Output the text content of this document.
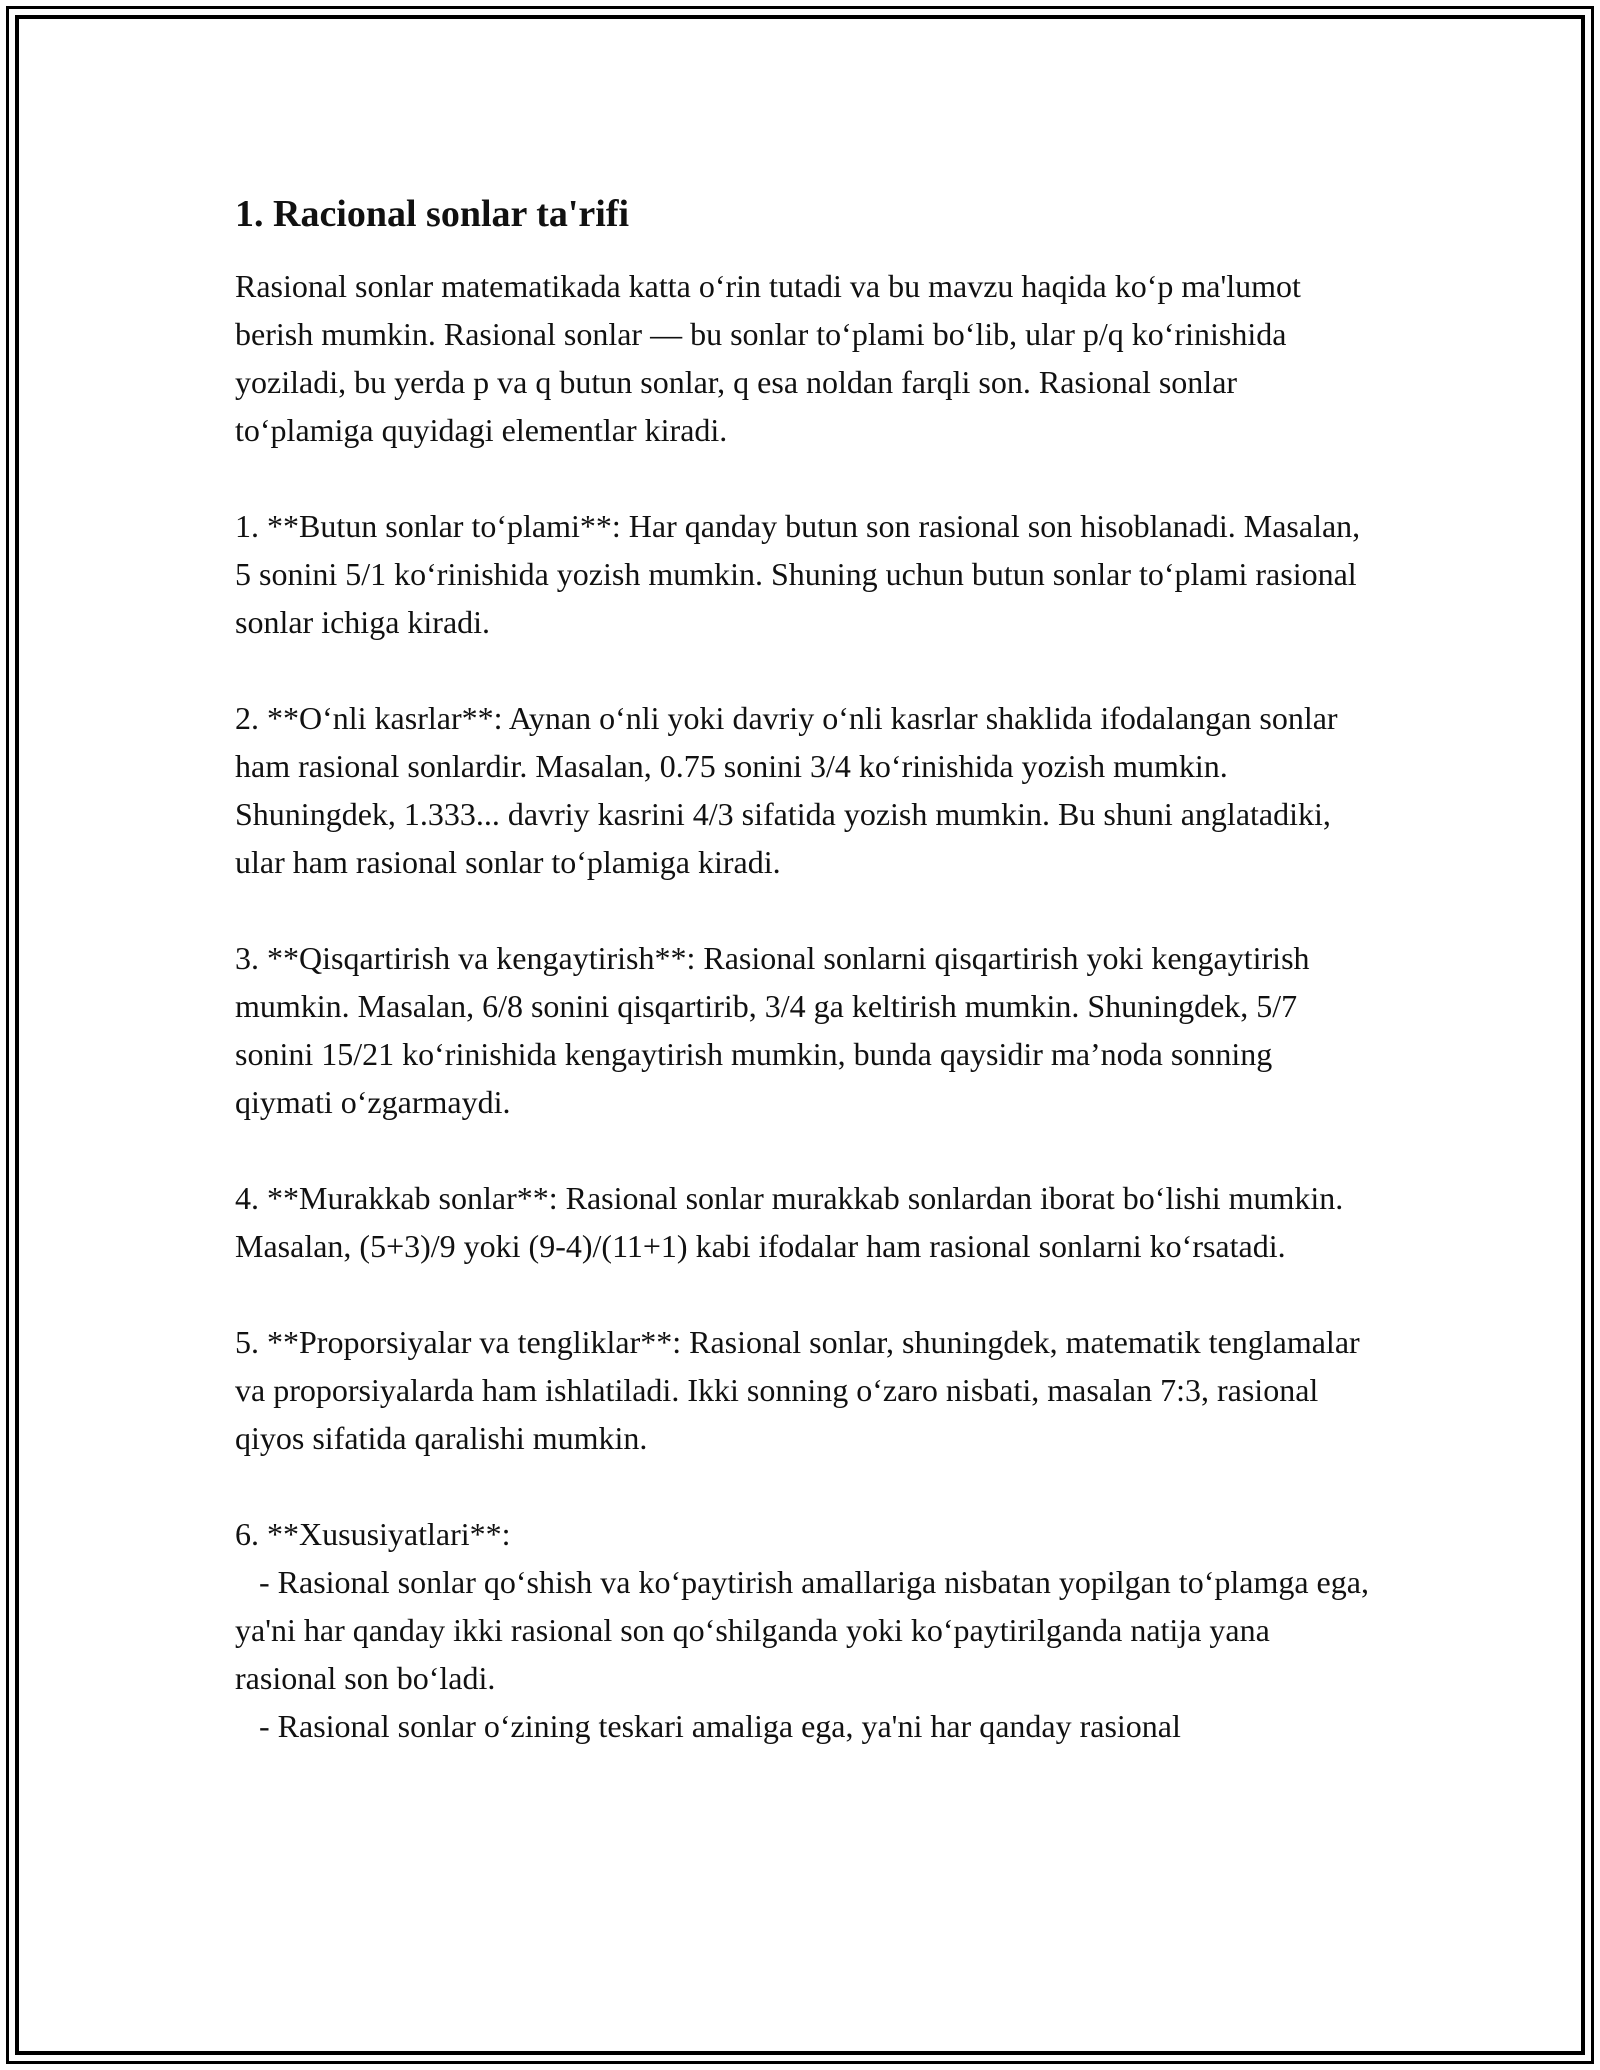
1. Racional sonlar ta'rifi

Rasional sonlar matematikada katta o‘rin tutadi va bu mavzu haqida ko‘p ma'lumot berish mumkin. Rasional sonlar — bu sonlar to‘plami bo‘lib, ular p/q ko‘rinishida yoziladi, bu yerda p va q butun sonlar, q esa noldan farqli son. Rasional sonlar to‘plamiga quyidagi elementlar kiradi.

1. **Butun sonlar to‘plami**: Har qanday butun son rasional son hisoblanadi. Masalan, 5 sonini 5/1 ko‘rinishida yozish mumkin. Shuning uchun butun sonlar to‘plami rasional sonlar ichiga kiradi.

2. **O‘nli kasrlar**: Aynan o‘nli yoki davriy o‘nli kasrlar shaklida ifodalangan sonlar ham rasional sonlardir. Masalan, 0.75 sonini 3/4 ko‘rinishida yozish mumkin. Shuningdek, 1.333... davriy kasrini 4/3 sifatida yozish mumkin. Bu shuni anglatadiki, ular ham rasional sonlar to‘plamiga kiradi.

3. **Qisqartirish va kengaytirish**: Rasional sonlarni qisqartirish yoki kengaytirish mumkin. Masalan, 6/8 sonini qisqartirib, 3/4 ga keltirish mumkin. Shuningdek, 5/7 sonini 15/21 ko‘rinishida kengaytirish mumkin, bunda qaysidir ma’noda sonning qiymati o‘zgarmaydi.

4. **Murakkab sonlar**: Rasional sonlar murakkab sonlardan iborat bo‘lishi mumkin. Masalan, (5+3)/9 yoki (9-4)/(11+1) kabi ifodalar ham rasional sonlarni ko‘rsatadi.

5. **Proporsiyalar va tengliklar**: Rasional sonlar, shuningdek, matematik tenglamalar va proporsiyalarda ham ishlatiladi. Ikki sonning o‘zaro nisbati, masalan 7:3, rasional qiyos sifatida qaralishi mumkin.

6. **Xususiyatlari**:

- Rasional sonlar qo‘shish va ko‘paytirish amallariga nisbatan yopilgan to‘plamga ega, ya'ni har qanday ikki rasional son qo‘shilganda yoki ko‘paytirilganda natija yana rasional son bo‘ladi.

- Rasional sonlar o‘zining teskari amaliga ega, ya'ni har qanday rasional
